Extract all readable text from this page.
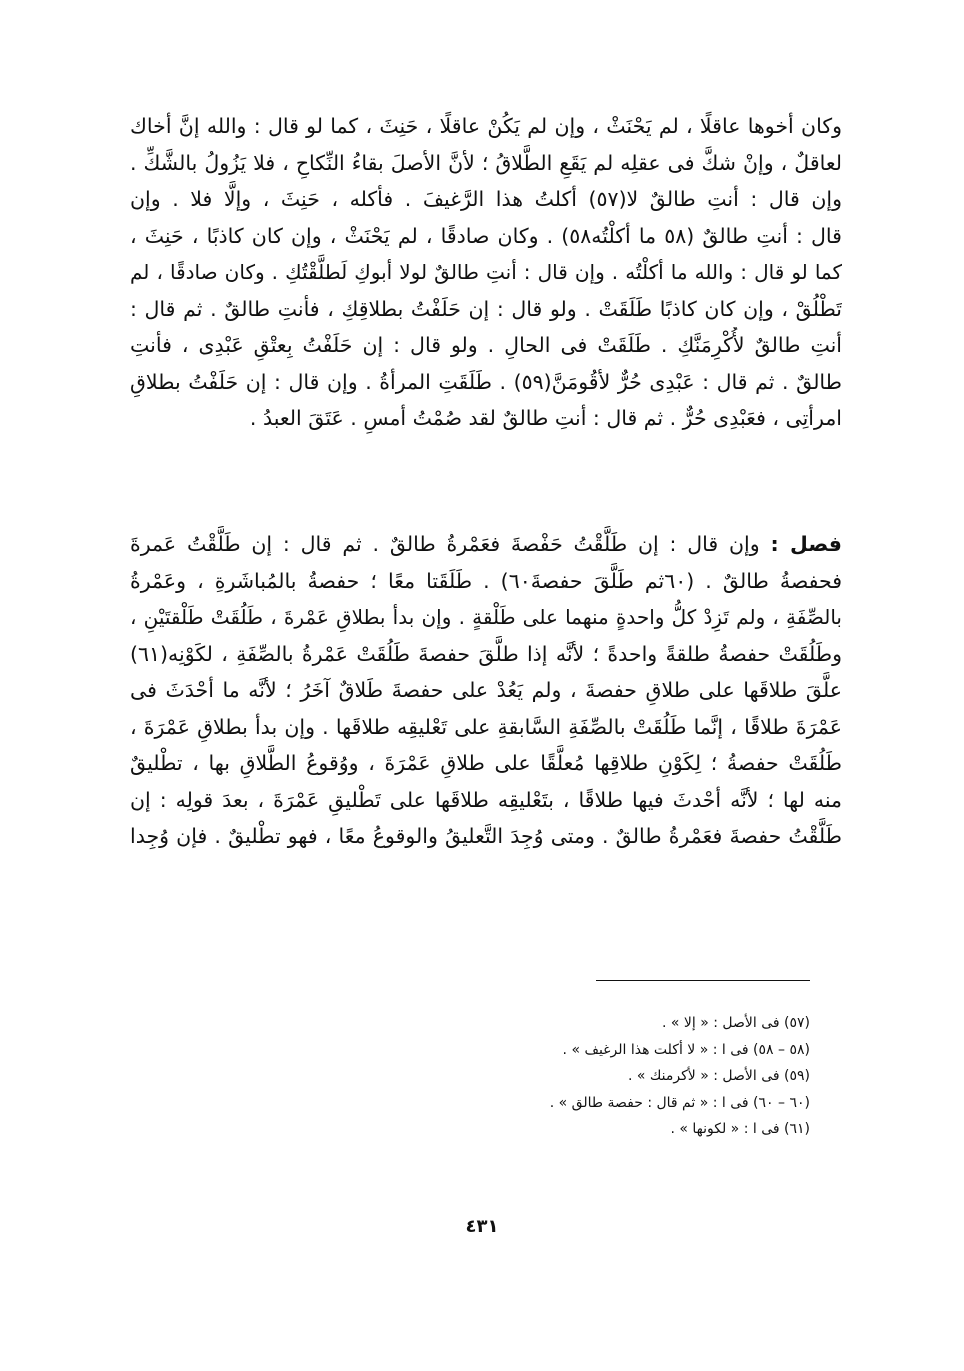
وكان أخوها عاقلًا ، لم يَحْنَثْ ، وإن لم يَكُنْ عاقلًا ، حَنِثَ ، كما لو قال : والله إنَّ أخاك
لعاقلٌ ، وإنْ شكَّ فى عقلِه لم يَقَعِ الطَّلاقُ ؛ لأنَّ الأصلَ بقاءُ النِّكاحِ ، فلا يَزُولُ بالشَّكِّ .
وإن قال : أنتِ طالقٌ لا(٥٧) أكلتُ هذا الرَّغيفَ . فأكله ، حَنِثَ ، وإلَّا فلا . وإن
قال : أنتِ طالقٌ (٥٨ ما أكلْتُه٥٨) . وكان صادقًا ، لم يَحْنَثْ ، وإن كان كاذبًا ، حَنِثَ ،
كما لو قال : والله ما أكلْتُه . وإن قال : أنتِ طالقٌ لولا أبوكِ لَطلَّقْتُكِ . وكان صادقًا ، لم
تَطْلُقْ ، وإن كان كاذبًا طَلَقَتْ . ولو قال : إن حَلَفْتُ بطلاقِكِ ، فأنتِ طالقٌ . ثم قال :
أنتِ طالقٌ لأُكْرِمَنَّكِ . طَلَقَتْ فى الحالِ . ولو قال : إن حَلَفْتُ بِعتْقِ عَبْدِى ، فأنتِ
طالقٌ . ثم قال : عَبْدِى حُرٌّ لأقُومَنَّ(٥٩) . طَلَقَتِ المرأةُ . وإن قال : إن حَلَفْتُ بطلاقِ
امرأتِى ، فعَبْدِى حُرٌّ . ثم قال : أنتِ طالقٌ لقد صُمْتُ أمسِ . عَتَقَ العبدُ .
فصل : وإن قال : إن طَلَّقْتُ حَفْصةَ فعَمْرةُ طالقٌ . ثم قال : إن طَلَّقْتُ عَمرةَ
فحفصةُ طالقٌ . (٦٠ثم طَلَّقَ حفصةَ٦٠) . طَلَقَتا معًا ؛ حفصةُ بالمُباشَرةِ ، وعَمْرةُ
بالصِّفَةِ ، ولم تَزِدْ كلُّ واحدةٍ منهما على طَلْقةٍ . وإن بدأ بطلاقِ عَمْرةَ ، طَلُقَتْ طَلْقتَيْنِ ،
وطَلُقَتْ حفصةُ طلقةً واحدةً ؛ لأنَّه إذا طلَّقَ حفصةَ طَلُقَتْ عَمْرةُ بالصِّفَةِ ، لكَوْنِه(٦١)
علَّقَ طلاقَها على طلاقِ حفصةَ ، ولم يَعُدْ على حفصةَ طَلاقٌ آخَرُ ؛ لأنَّه ما أحْدَثَ فى
عَمْرَةَ طلاقًا ، إنَّما طَلُقَتْ بالصِّفَةِ السَّابقةِ على تَعْليقِه طلاقَها . وإن بدأ بطلاقِ عَمْرَةَ ،
طَلُقَتْ حفصةُ ؛ لِكَوْنِ طلاقِها مُعلَّقًا على طلاقِ عَمْرَةَ ، ووُقوعُ الطَّلاقِ بها ، تطْليقٌ
منه لها ؛ لأنَّه أحْدثَ فيها طلاقًا ، بتَعْليقِه طلاقَها على تَطْليقِ عَمْرَةَ ، بعدَ قولِه : إن
طَلَّقْتُ حفصةَ فعَمْرةُ طالقٌ . ومتى وُجِدَ التَّعليقُ والوقوعُ معًا ، فهو تطْليقٌ . فإن وُجِدا
(٥٧) فى الأصل : « إلا » .
(٥٨ – ٥٨) فى ا : « لا أكلت هذا الرغيف » .
(٥٩) فى الأصل : « لأكرمنك » .
(٦٠ – ٦٠) فى ا : « ثم قال : حفصة طالق » .
(٦١) فى ا : « لكونها » .
٤٣١
